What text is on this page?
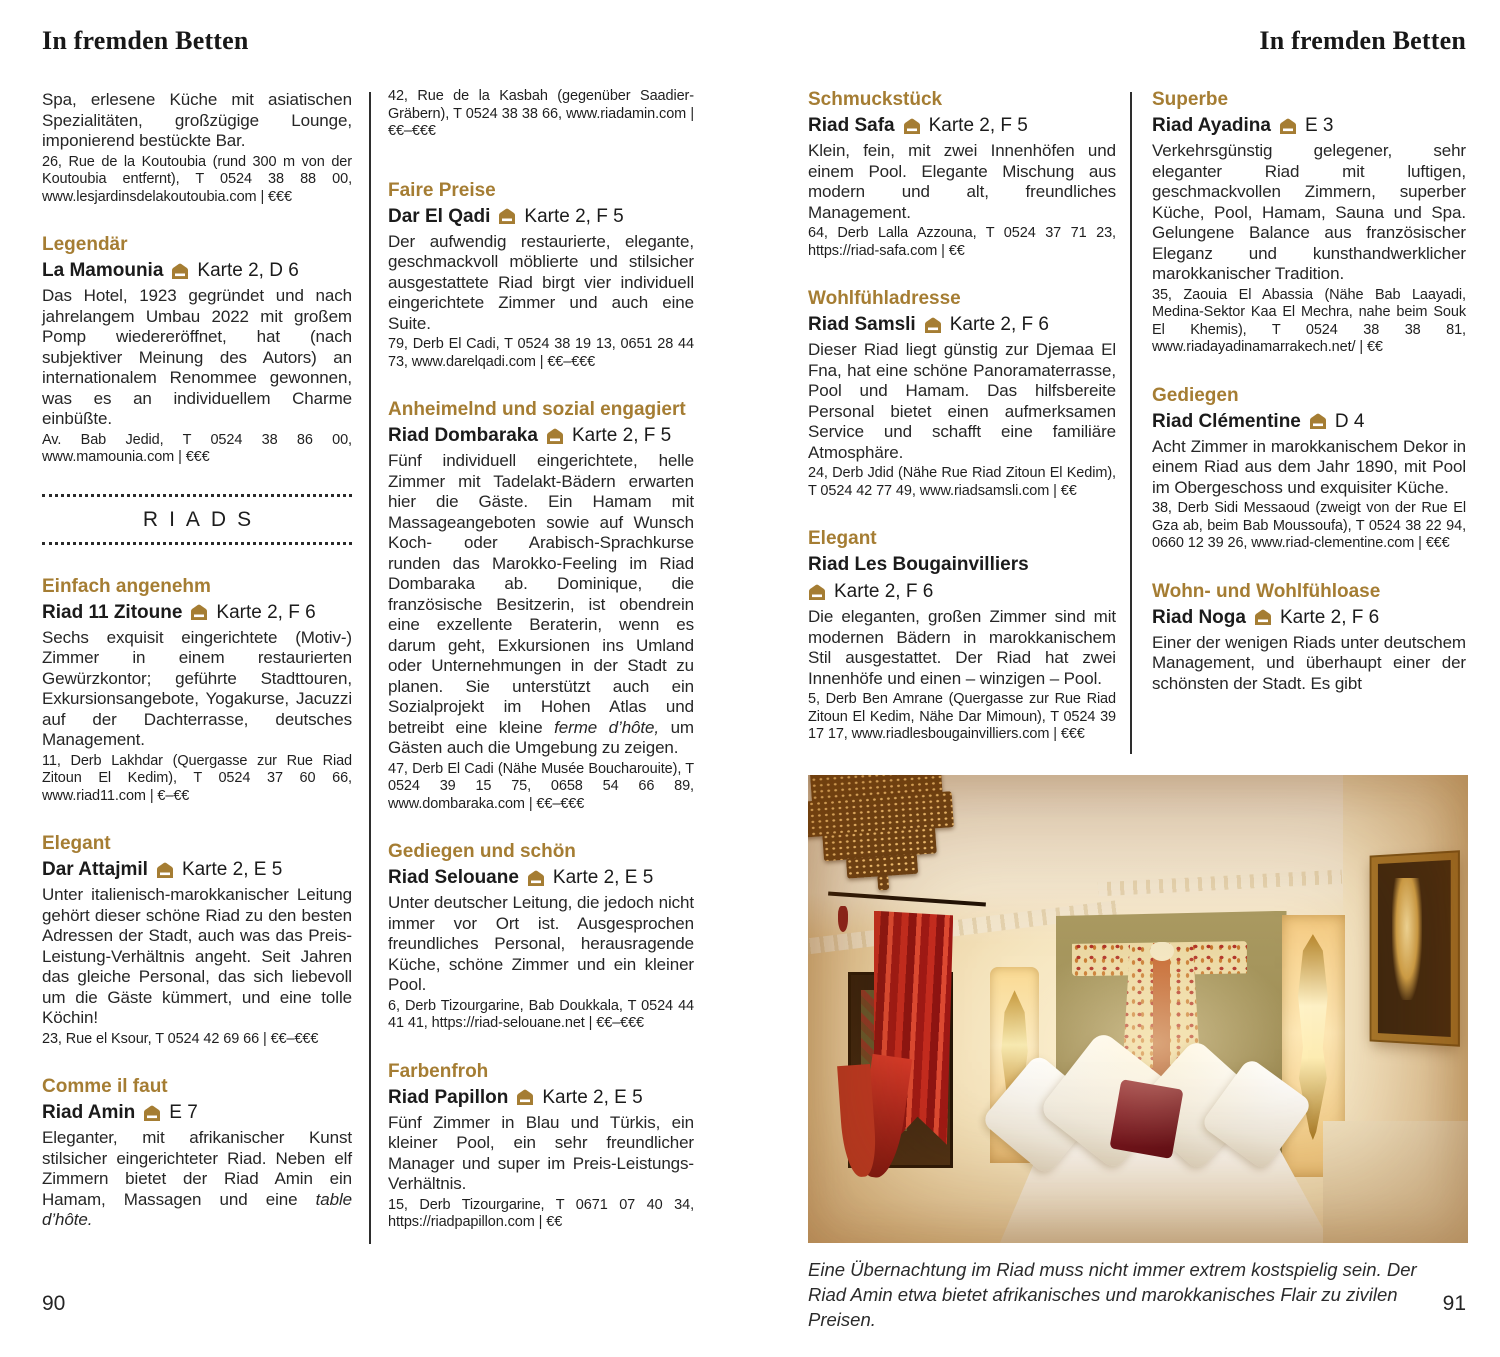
In fremden Betten	In fremden Betten

Spa, erlesene Küche mit asiatischen Spezialitäten, großzügige Lounge, imponierend bestückte Bar.

26, Rue de la Koutoubia (rund 300 m von der Koutoubia entfernt), T 0524 38 88 00, www.lesjardinsdelakoutoubia.com | €€€

Legendär
La Mamounia Karte 2, D 6

Das Hotel, 1923 gegründet und nach jahrelangem Umbau 2022 mit großem Pomp wiedereröffnet, hat (nach subjektiver Meinung des Autors) an internationalem Renommee gewonnen, was es an individuellem Charme einbüßte.

Av. Bab Jedid, T 0524 38 86 00, www.mamounia.com | €€€

RIADS
Einfach angenehm
Riad 11 Zitoune Karte 2, F 6

Sechs exquisit eingerichtete (Motiv-) Zimmer in einem restaurierten Gewürzkontor; geführte Stadttouren, Exkursionsangebote, Yogakurse, Jacuzzi auf der Dachterrasse, deutsches Management.

11, Derb Lakhdar (Quergasse zur Rue Riad Zitoun El Kedim), T 0524 37 60 66, www.riad11.com | €–€€

Elegant
Dar Attajmil Karte 2, E 5

Unter italienisch-marokkanischer Leitung gehört dieser schöne Riad zu den besten Adressen der Stadt, auch was das Preis-Leistung-Verhältnis angeht. Seit Jahren das gleiche Personal, das sich liebevoll um die Gäste kümmert, und eine tolle Köchin!

23, Rue el Ksour, T 0524 42 69 66 | €€–€€€

Comme il faut
Riad Amin E 7

Eleganter, mit afrikanischer Kunst stilsicher eingerichteter Riad. Neben elf Zimmern bietet der Riad Amin ein Hamam, Massagen und eine table d’hôte.

42, Rue de la Kasbah (gegenüber Saadier-Gräbern), T 0524 38 38 66, www.riadamin.com | €€–€€€

Faire Preise
Dar El Qadi Karte 2, F 5

Der aufwendig restaurierte, elegante, geschmackvoll möblierte und stilsicher ausgestattete Riad birgt vier individuell eingerichtete Zimmer und auch eine Suite.

79, Derb El Cadi, T 0524 38 19 13, 0651 28 44 73, www.darelqadi.com | €€–€€€

Anheimelnd und sozial engagiert
Riad Dombaraka Karte 2, F 5

Fünf individuell eingerichtete, helle Zimmer mit Tadelakt-Bädern erwarten hier die Gäste. Ein Hamam mit Massageangeboten sowie auf Wunsch Koch- oder Arabisch-Sprachkurse runden das Marokko-Feeling im Riad Dombaraka ab. Dominique, die französische Besitzerin, ist obendrein eine exzellente Beraterin, wenn es darum geht, Exkursionen ins Umland oder Unternehmungen in der Stadt zu planen. Sie unterstützt auch ein Sozialprojekt im Hohen Atlas und betreibt eine kleine ferme d’hôte, um Gästen auch die Umgebung zu zeigen.

47, Derb El Cadi (Nähe Musée Boucharouite), T 0524 39 15 75, 0658 54 66 89, www.dombaraka.com | €€–€€€

Gediegen und schön
Riad Selouane Karte 2, E 5

Unter deutscher Leitung, die jedoch nicht immer vor Ort ist. Ausgesprochen freundliches Personal, herausragende Küche, schöne Zimmer und ein kleiner Pool.

6, Derb Tizourgarine, Bab Doukkala, T 0524 44 41 41, https://riad-selouane.net | €€–€€€

Farbenfroh
Riad Papillon Karte 2, E 5

Fünf Zimmer in Blau und Türkis, ein kleiner Pool, ein sehr freundlicher Manager und super im Preis-Leistungs-Verhältnis.

15, Derb Tizourgarine, T 0671 07 40 34, https://riadpapillon.com | €€

Schmuckstück
Riad Safa Karte 2, F 5

Klein, fein, mit zwei Innenhöfen und einem Pool. Elegante Mischung aus modern und alt, freundliches Management.

64, Derb Lalla Azzouna, T 0524 37 71 23, https://riad-safa.com | €€

Wohlfühladresse
Riad Samsli Karte 2, F 6

Dieser Riad liegt günstig zur Djemaa El Fna, hat eine schöne Panoramaterrasse, Pool und Hamam. Das hilfsbereite Personal bietet einen aufmerksamen Service und schafft eine familiäre Atmosphäre.

24, Derb Jdid (Nähe Rue Riad Zitoun El Kedim), T 0524 42 77 49, www.riadsamsli.com | €€

Elegant
Riad Les Bougainvilliers
Karte 2, F 6

Die eleganten, großen Zimmer sind mit modernen Bädern in marokkanischem Stil ausgestattet. Der Riad hat zwei Innenhöfe und einen – winzigen – Pool.

5, Derb Ben Amrane (Quergasse zur Rue Riad Zitoun El Kedim, Nähe Dar Mimoun), T 0524 39 17 17, www.riadlesbougainvilliers.com | €€€

Superbe
Riad Ayadina E 3

Verkehrsgünstig gelegener, sehr eleganter Riad mit luftigen, geschmackvollen Zimmern, superber Küche, Pool, Hamam, Sauna und Spa. Gelungene Balance aus französischer Eleganz und kunsthandwerklicher marokkanischer Tradition.

35, Zaouia El Abassia (Nähe Bab Laayadi, Medina-Sektor Kaa El Mechra, nahe beim Souk El Khemis), T 0524 38 38 81, www.riadayadinamarrakech.net/ | €€

Gediegen
Riad Clémentine D 4

Acht Zimmer in marokkanischem Dekor in einem Riad aus dem Jahr 1890, mit Pool im Obergeschoss und exquisiter Küche.

38, Derb Sidi Messaoud (zweigt von der Rue El Gza ab, beim Bab Moussoufa), T 0524 38 22 94, 0660 12 39 26, www.riad-clementine.com | €€€

Wohn- und Wohlfühloase
Riad Noga Karte 2, F 6

Einer der wenigen Riads unter deutschem Management, und überhaupt einer der schönsten der Stadt. Es gibt

Eine Übernachtung im Riad muss nicht immer extrem kostspielig sein. Der Riad Amin etwa bietet afrikanisches und marokkanisches Flair zu zivilen Preisen.
90	91
